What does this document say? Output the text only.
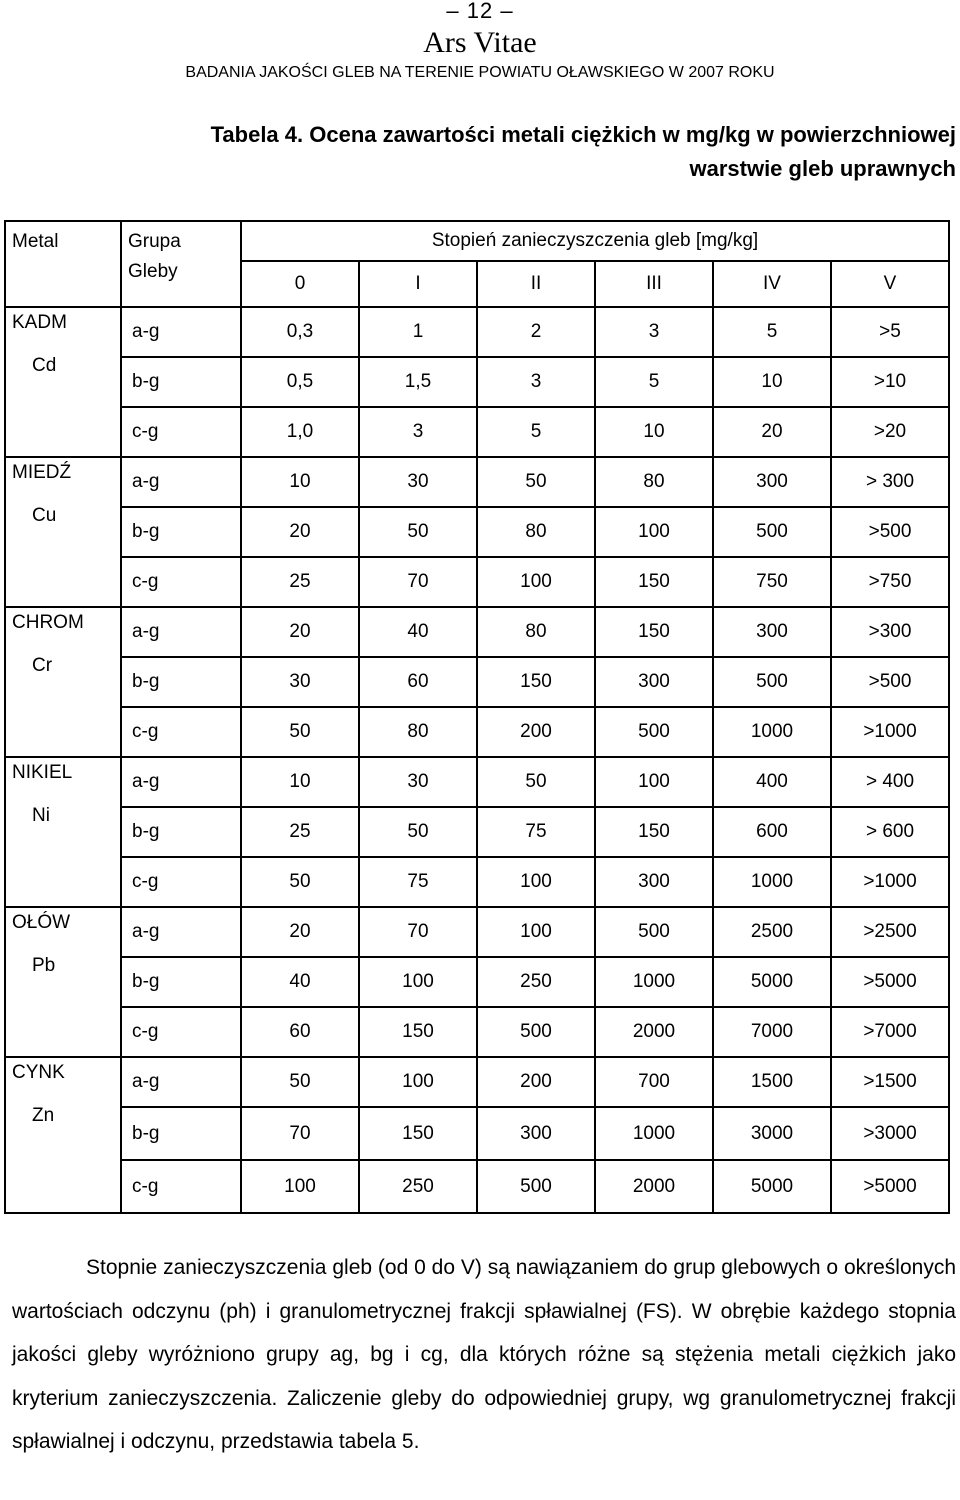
– 12 –
Ars Vitae
BADANIA JAKOŚCI GLEB NA TERENIE POWIATU OŁAWSKIEGO W 2007 ROKU
Tabela 4. Ocena zawartości metali ciężkich w mg/kg w powierzchniowej
warstwie gleb uprawnych
Metal	Grupa	Stopień zanieczyszczenia gleb [mg/kg]					
	Gleby	0	I	II	III	IV	V

KADM
Cd	a-g	0,3	1	2	3	5	>5
	b-g	0,5	1,5	3	5	10	>10
	c-g	1,0	3	5	10	20	>20

MIEDŹ
Cu	a-g	10	30	50	80	300	> 300
	b-g	20	50	80	100	500	>500
	c-g	25	70	100	150	750	>750

CHROM
Cr	a-g	20	40	80	150	300	>300
	b-g	30	60	150	300	500	>500
	c-g	50	80	200	500	1000	>1000

NIKIEL
Ni	a-g	10	30	50	100	400	> 400
	b-g	25	50	75	150	600	> 600
	c-g	50	75	100	300	1000	>1000

OŁÓW
Pb	a-g	20	70	100	500	2500	>2500
	b-g	40	100	250	1000	5000	>5000
	c-g	60	150	500	2000	7000	>7000

CYNK
Zn	a-g	50	100	200	700	1500	>1500
	b-g	70	150	300	1000	3000	>3000
	c-g	100	250	500	2000	5000	>5000
Stopnie zanieczyszczenia gleb (od 0 do V) są nawiązaniem do grup glebowych o określonych wartościach odczynu (ph) i granulometrycznej frakcji spławialnej (FS). W obrębie każdego stopnia jakości gleby wyróżniono grupy ag, bg i cg, dla których różne są stężenia metali ciężkich jako kryterium zanieczyszczenia. Zaliczenie gleby do odpowiedniej grupy, wg granulometrycznej frakcji spławialnej i odczynu, przedstawia tabela 5.
